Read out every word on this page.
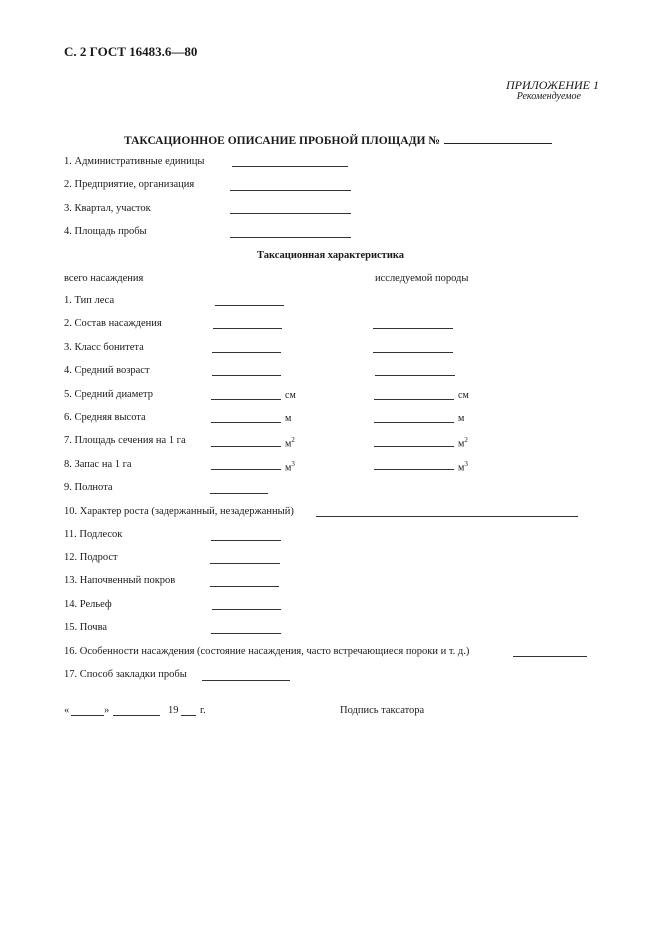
С. 2 ГОСТ 16483.6—80
ПРИЛОЖЕНИЕ 1
Рекомендуемое
ТАКСАЦИОННОЕ ОПИСАНИЕ ПРОБНОЙ ПЛОЩАДИ №
1. Административные единицы
2. Предприятие, организация
3. Квартал, участок
4. Площадь пробы
Таксационная характеристика
всего насаждения	исследуемой породы
1. Тип леса
2. Состав насаждения
3. Класс бонитета
4. Средний возраст
5. Средний диаметр	см	см
6. Средняя высота	м	м
7. Площадь сечения на 1 га	$м^2$	$м^2$
8. Запас на 1 га	$м^3$	$м^3$
9. Полнота
10. Характер роста (задержанный, незадержанный)
11. Подлесок
12. Подрост
13. Напочвенный покров
14. Рельеф
15. Почва
16. Особенности насаждения (состояние насаждения, часто встречающиеся пороки и т. д.)
17. Способ закладки пробы
«	»	19 г.	Подпись таксатора
